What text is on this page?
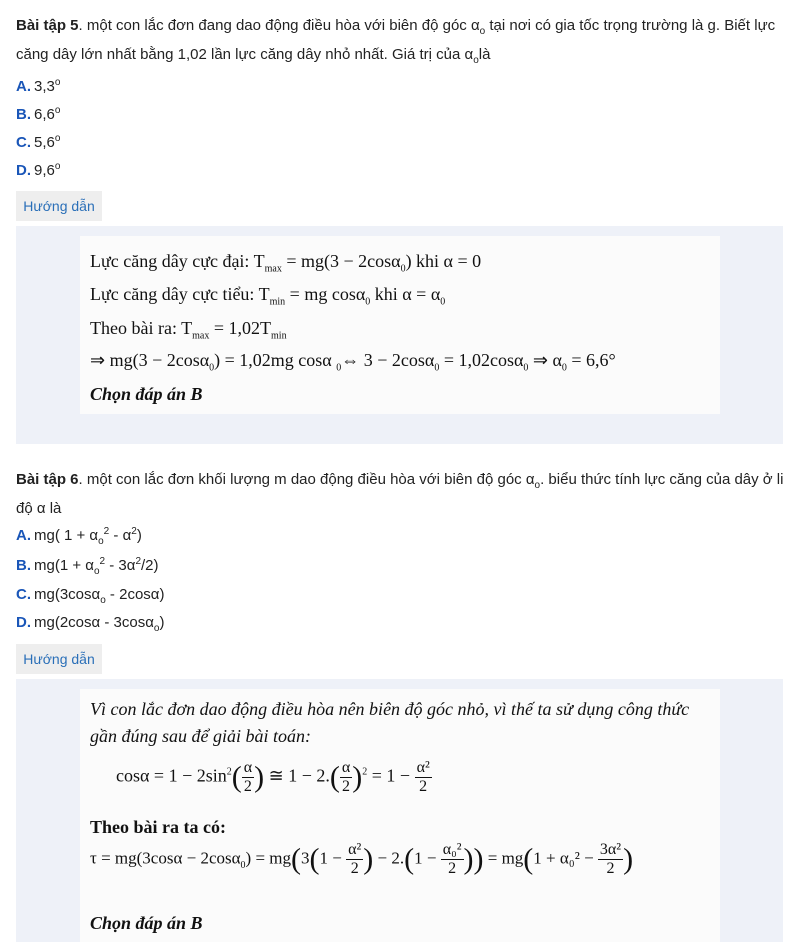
Bài tập 5. một con lắc đơn đang dao động điều hòa với biên độ góc $\alpha_o$ tại nơi có gia tốc trọng trường là g. Biết lực căng dây lớn nhất bằng 1,02 lần lực căng dây nhỏ nhất. Giá trị của $\alpha_olà$
A. 3,3$^o$
B. 6,6$^o$
C. 5,6$^o$
D. 9,6$^o$
Hướng dẫn
Lực căng dây cực đại: $T_{max} = mg(3 - 2\cos\alpha_0)$ khi α = 0
Lực căng dây cực tiểu: $T_{min}$ = mg cosα$_0$ khi $\alpha = \alpha_0$
Theo bài ra: $T_{max} = 1,02T_{min}$
⇒ mg(3 − 2cosα$_0$) = 1,02mg cosα $_0$⇔ 3 − 2cosα$_0$ = 1,02cosα$_0$ ⇒ $\alpha_0 = 6,6^\circ$
Chọn đáp án B
Bài tập 6. một con lắc đơn khối lượng m dao động điều hòa với biên độ góc $\alpha_o$. biểu thức tính lực căng của dây ở li độ α là
A. mg( $1 + \alpha_o^2 - \alpha^2$)
B. $mg(1 + \alpha_o^2 - 3\alpha^2/2)$
C. mg(3cosα$_o$ - 2cosα)
D. mg(2cosα - 3cosα$_o$)
Hướng dẫn
Vì con lắc đơn dao động điều hòa nên biên độ góc nhỏ, vì thế ta sử dụng công thức
gần đúng sau để giải bài toán:
$\cos\alpha = 1 - 2\sin^2( \frac{\alpha}{2}$ ) ≅ $1 - 2.( \frac{\alpha}{2} )^2 = 1 - \frac{\text{α²}}{2}$
Theo bài ra ta có:
$\tau = mg(3\cos\alpha - 2\cos\alpha_0) = mg(3(1 - \frac{\text{α²}}{2}$ ) − $2.(1 - \frac{\text{α₀²}}{2}$ )) = $mg(1 + \alpha_0^2 - \frac{\text{3α²}}{2}$ )
Chọn đáp án B
